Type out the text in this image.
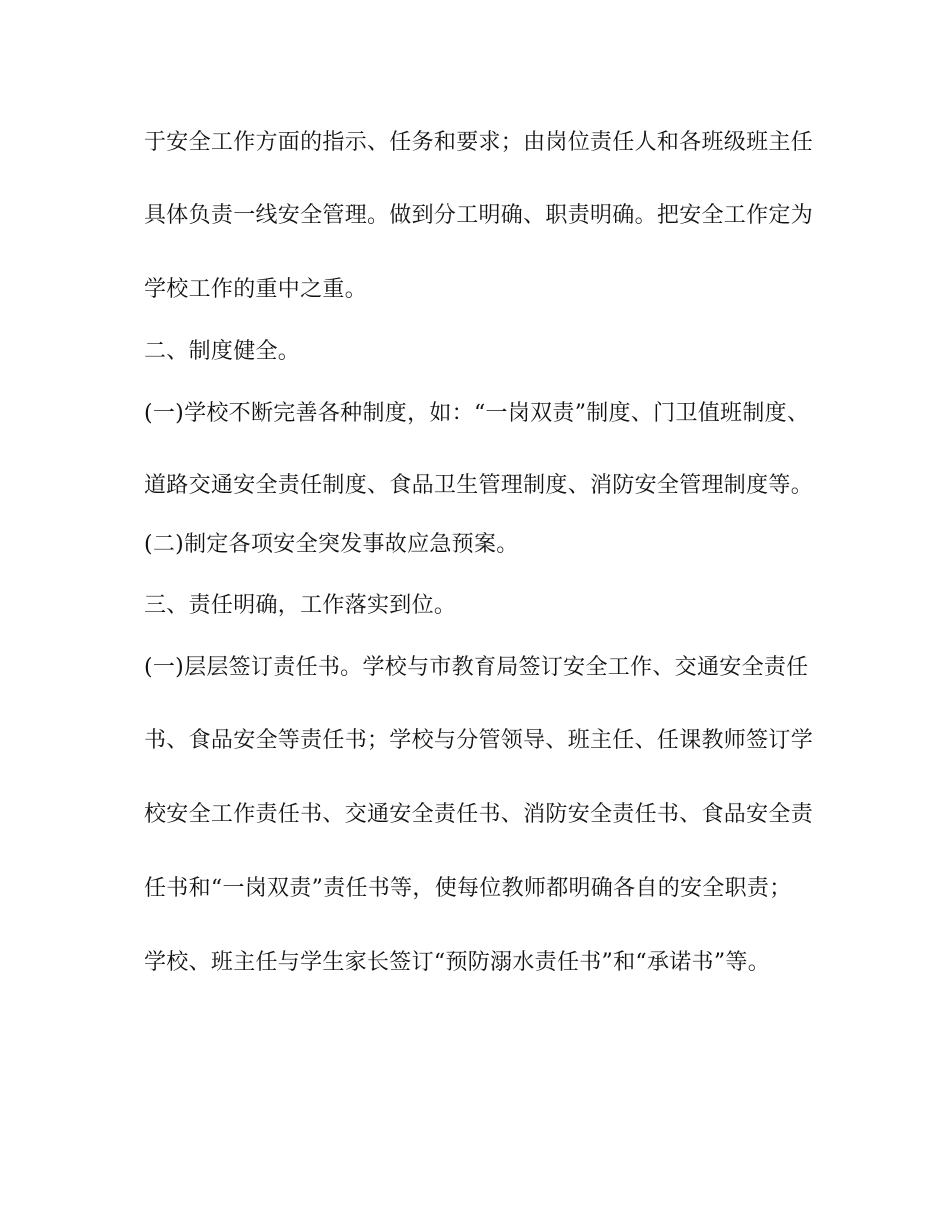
于安全工作方面的指示、任务和要求；由岗位责任人和各班级班主任
具体负责一线安全管理。做到分工明确、职责明确。把安全工作定为
学校工作的重中之重。
二、制度健全。
(一)学校不断完善各种制度，如：“一岗双责”制度、门卫值班制度、
道路交通安全责任制度、食品卫生管理制度、消防安全管理制度等。
(二)制定各项安全突发事故应急预案。
三、责任明确，工作落实到位。
(一)层层签订责任书。学校与市教育局签订安全工作、交通安全责任
书、食品安全等责任书；学校与分管领导、班主任、任课教师签订学
校安全工作责任书、交通安全责任书、消防安全责任书、食品安全责
任书和“一岗双责”责任书等，使每位教师都明确各自的安全职责；
学校、班主任与学生家长签订“预防溺水责任书”和“承诺书”等。
